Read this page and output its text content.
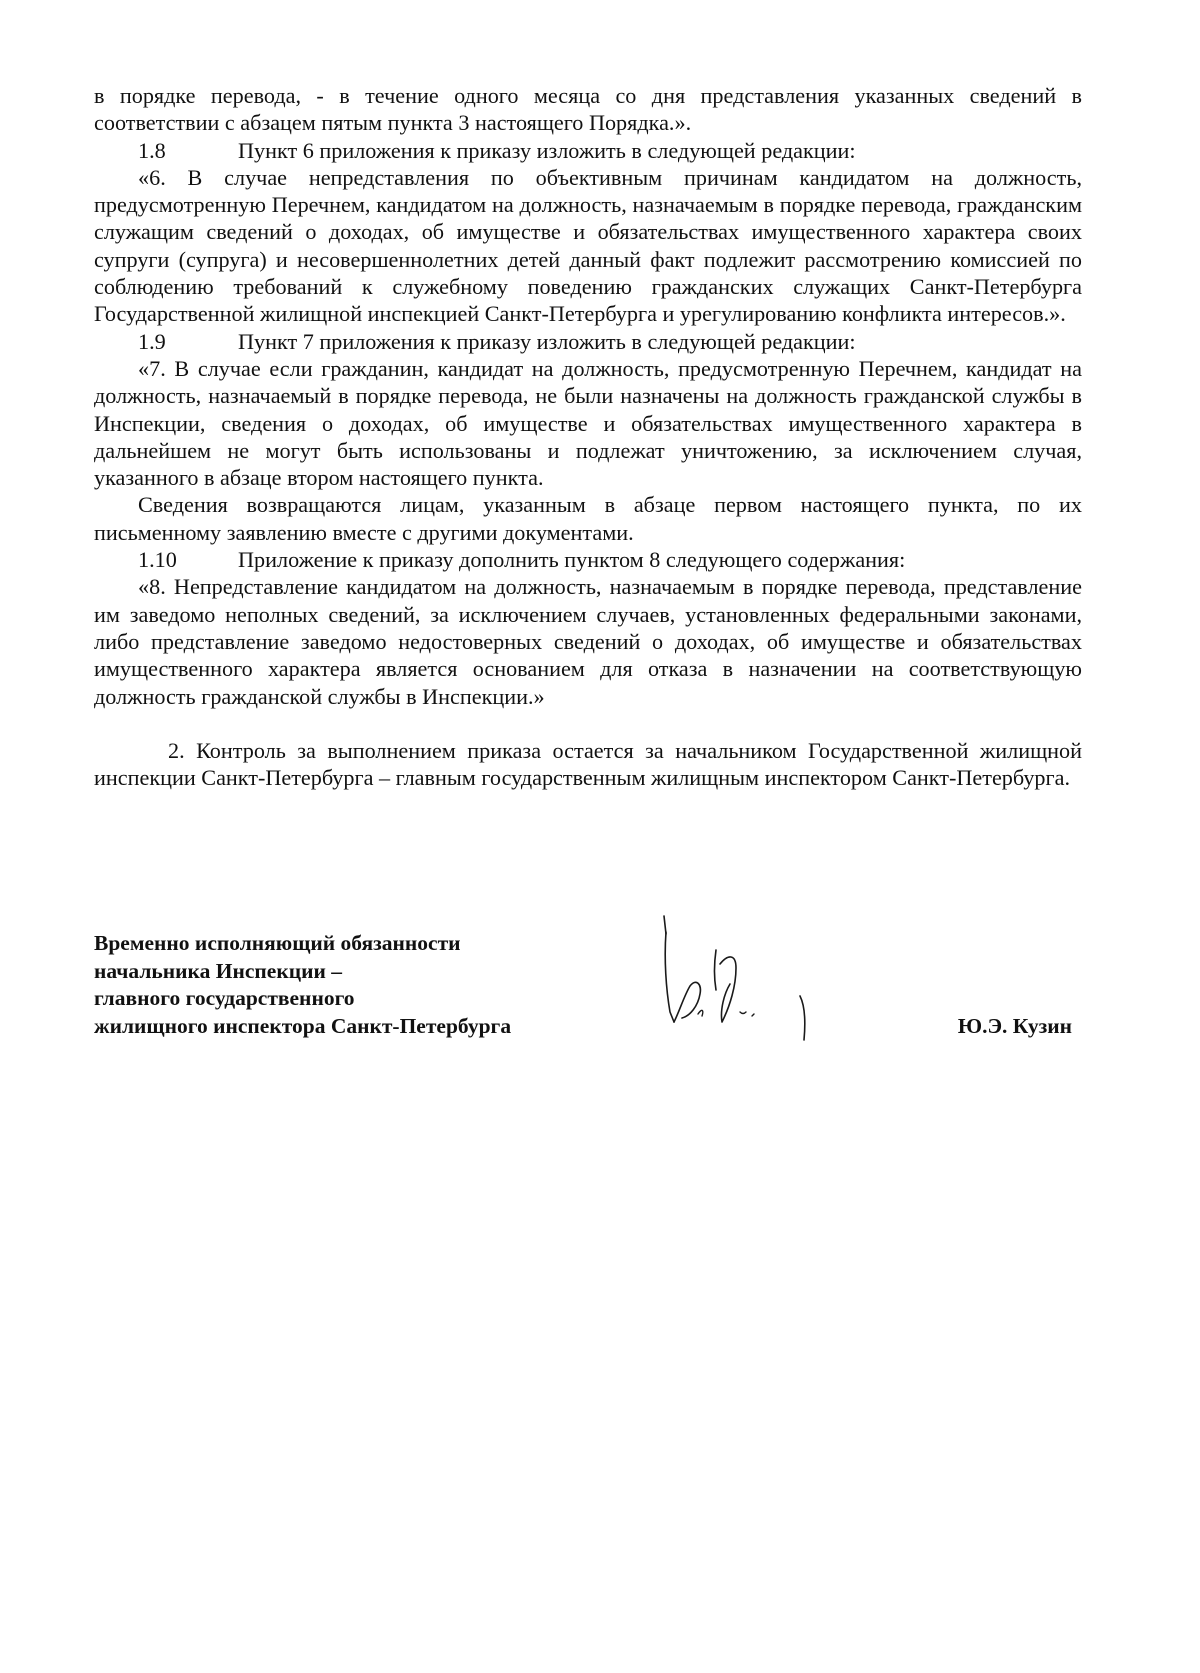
в порядке перевода, - в течение одного месяца со дня представления указанных сведений в соответствии с абзацем пятым пункта 3 настоящего Порядка.».

1.8	Пункт 6 приложения к приказу изложить в следующей редакции:

«6. В случае непредставления по объективным причинам кандидатом на должность, предусмотренную Перечнем, кандидатом на должность, назначаемым в порядке перевода, гражданским служащим сведений о доходах, об имуществе и обязательствах имущественного характера своих супруги (супруга) и несовершеннолетних детей данный факт подлежит рассмотрению комиссией по соблюдению требований к служебному поведению гражданских служащих Санкт-Петербурга Государственной жилищной инспекцией Санкт-Петербурга и урегулированию конфликта интересов.».

1.9	Пункт 7 приложения к приказу изложить в следующей редакции:

«7. В случае если гражданин, кандидат на должность, предусмотренную Перечнем, кандидат на должность, назначаемый в порядке перевода, не были назначены на должность гражданской службы в Инспекции, сведения о доходах, об имуществе и обязательствах имущественного характера в дальнейшем не могут быть использованы и подлежат уничтожению, за исключением случая, указанного в абзаце втором настоящего пункта.

Сведения возвращаются лицам, указанным в абзаце первом настоящего пункта, по их письменному заявлению вместе с другими документами.

1.10	Приложение к приказу дополнить пунктом 8 следующего содержания:

«8. Непредставление кандидатом на должность, назначаемым в порядке перевода, представление им заведомо неполных сведений, за исключением случаев, установленных федеральными законами, либо представление заведомо недостоверных сведений о доходах, об имуществе и обязательствах имущественного характера является основанием для отказа в назначении на соответствующую должность гражданской службы в Инспекции.»

2. Контроль за выполнением приказа остается за начальником Государственной жилищной инспекции Санкт-Петербурга – главным государственным жилищным инспектором Санкт-Петербурга.

Временно исполняющий обязанности
начальника Инспекции –
главного государственного
жилищного инспектора Санкт-Петербурга	Ю.Э. Кузин
